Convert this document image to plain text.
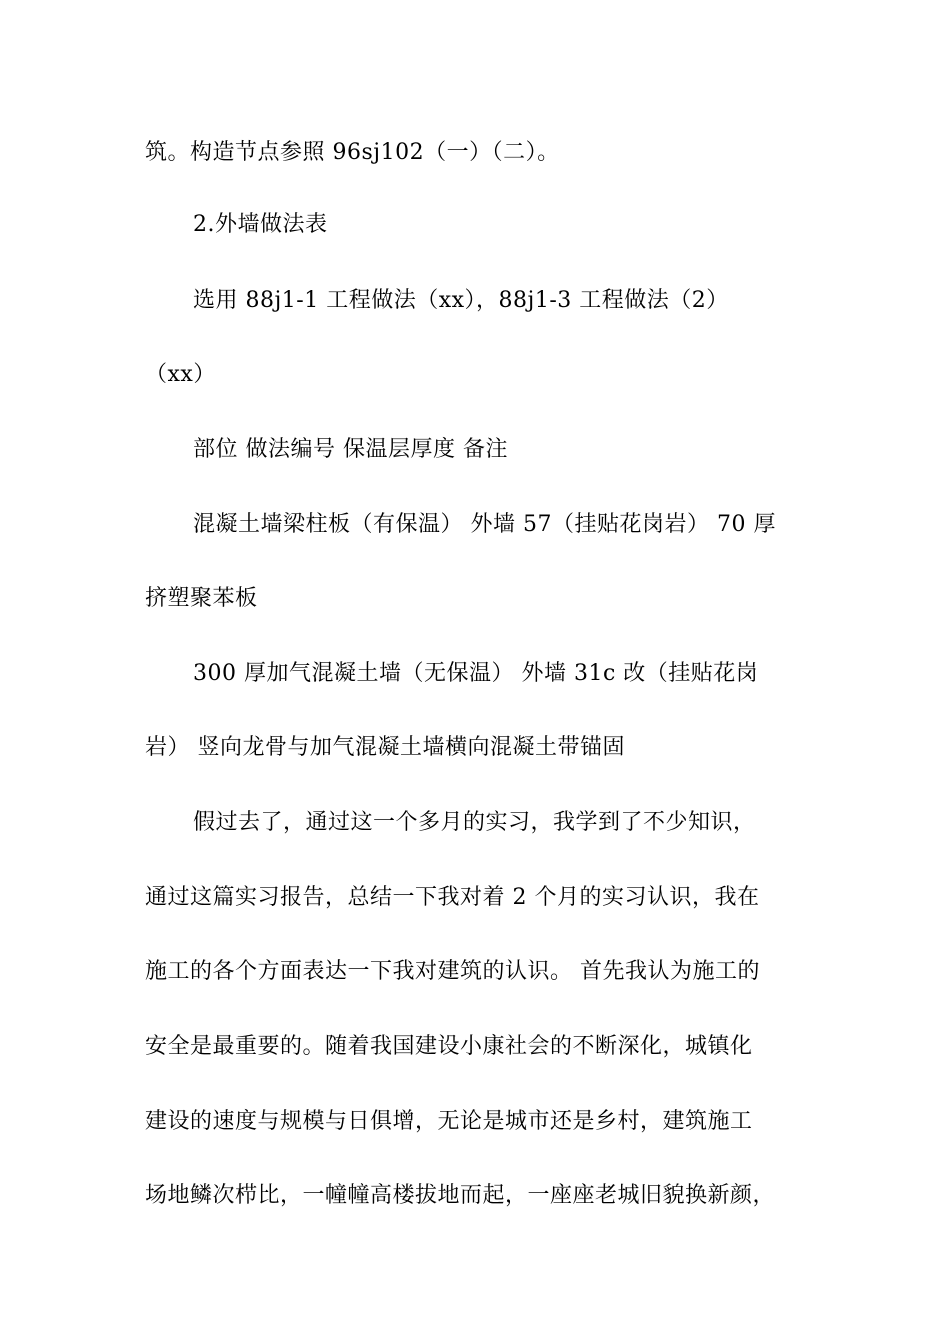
筑。构造节点参照 96sj102（一）（二）。
2.外墙做法表
选用 88j1-1 工程做法（xx），88j1-3 工程做法（2）
（xx）
部位 做法编号 保温层厚度 备注
混凝土墙梁柱板（有保温） 外墙 57（挂贴花岗岩） 70 厚
挤塑聚苯板
300 厚加气混凝土墙（无保温） 外墙 31c 改（挂贴花岗
岩） 竖向龙骨与加气混凝土墙横向混凝土带锚固
假过去了，通过这一个多月的实习，我学到了不少知识，
通过这篇实习报告，总结一下我对着 2 个月的实习认识，我在
施工的各个方面表达一下我对建筑的认识。 首先我认为施工的
安全是最重要的。随着我国建设小康社会的不断深化，城镇化
建设的速度与规模与日俱增，无论是城市还是乡村，建筑施工
场地鳞次栉比，一幢幢高楼拔地而起，一座座老城旧貌换新颜，
